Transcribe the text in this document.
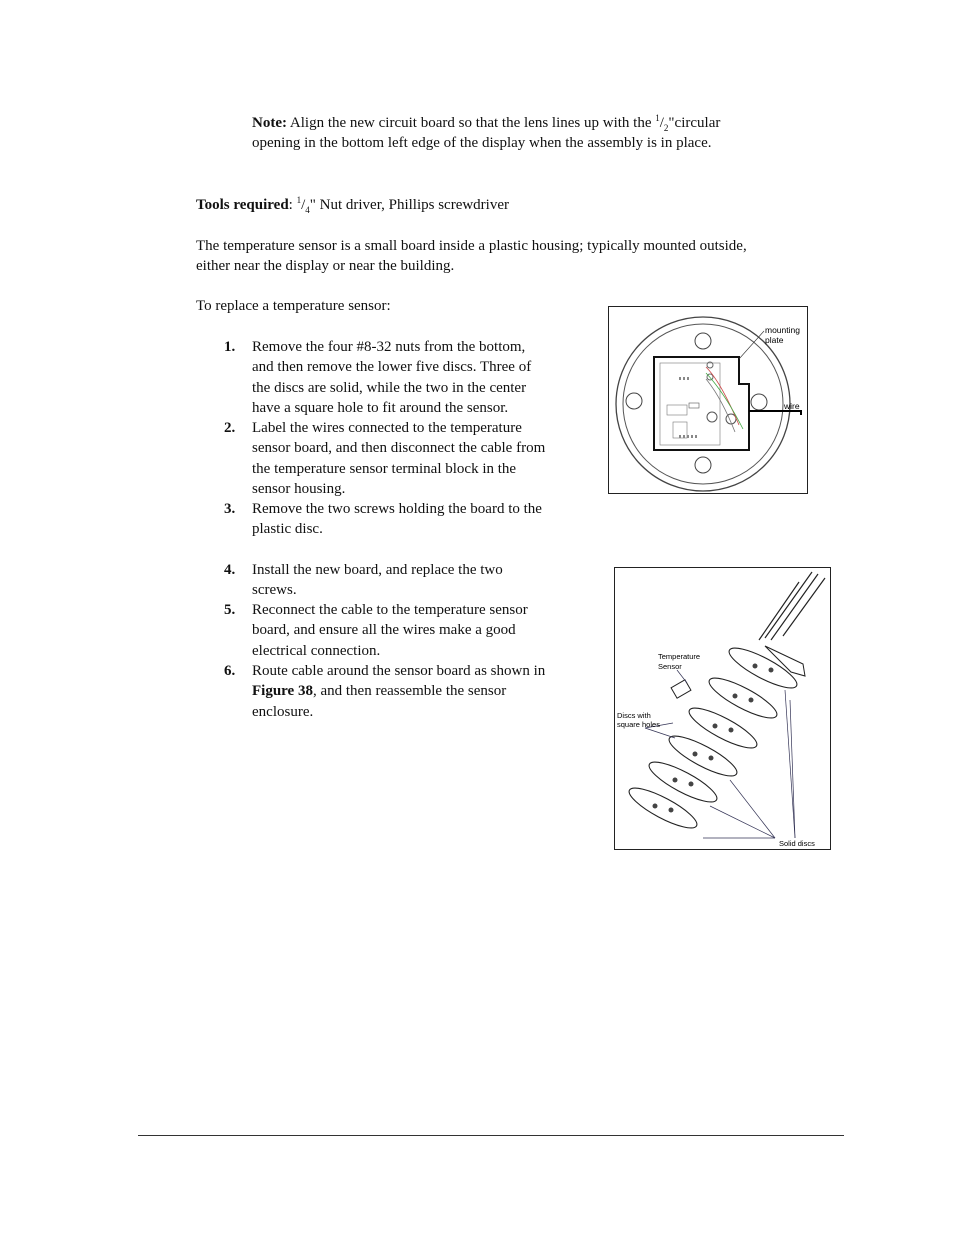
Note: Align the new circuit board so that the lens lines up with the $^1/_2"circular$
opening in the bottom left edge of the display when the assembly is in place.
Tools required: $^1/_4$" Nut driver, Phillips screwdriver
The temperature sensor is a small board inside a plastic housing; typically mounted outside,
either near the display or near the building.
To replace a temperature sensor:
1. Remove the four #8-32 nuts from the bottom,
and then remove the lower five discs. Three of
the discs are solid, while the two in the center
have a square hole to fit around the sensor.
2. Label the wires connected to the temperature
sensor board, and then disconnect the cable from
the temperature sensor terminal block in the
sensor housing.
3. Remove the two screws holding the board to the
plastic disc.
4. Install the new board, and replace the two
screws.
5. Reconnect the cable to the temperature sensor
board, and ensure all the wires make a good
electrical connection.
6. Route cable around the sensor board as shown in
Figure 38, and then reassemble the sensor
enclosure.
mounting
plate
wire
Temperature
Sensor
Discs with
square holes
Solid discs
